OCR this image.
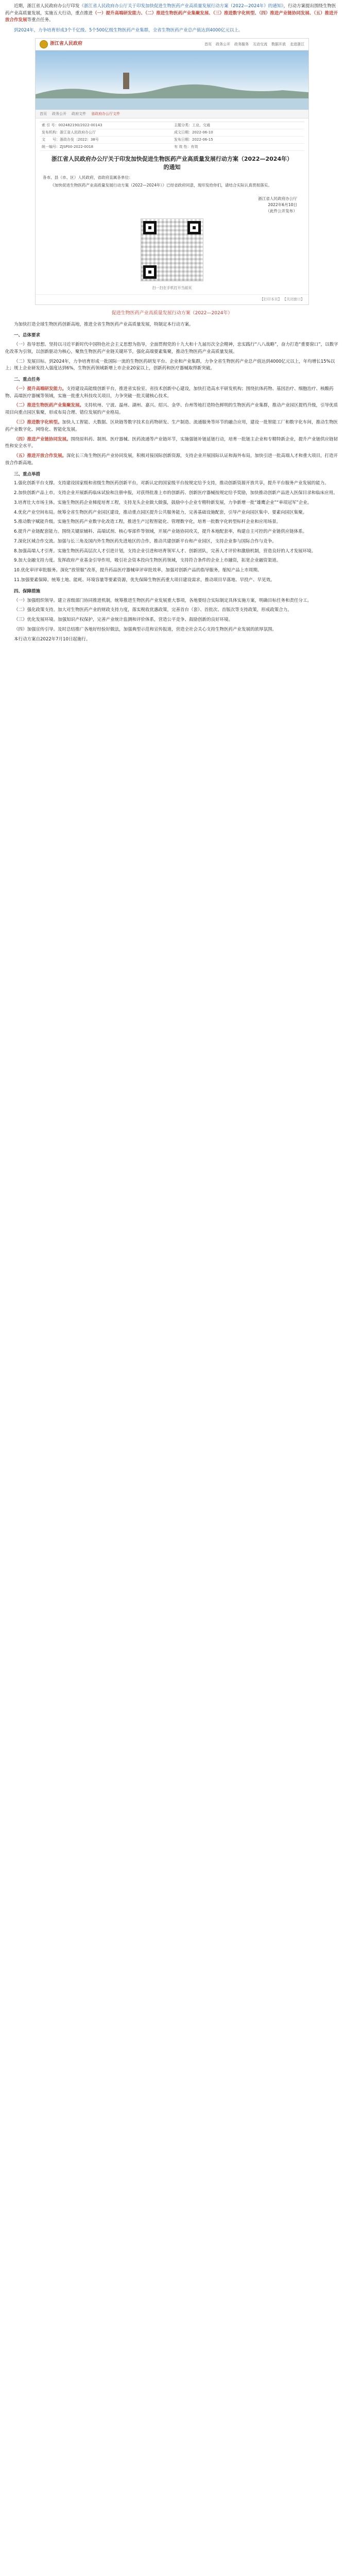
近期，浙江省人民政府办公厅印发《浙江省人民政府办公厅关于印发加快促进生物医药产业高质量发展行动方案（2022—2024年）的通知》，行动方案提出围绕生物医药产业高质量发展，实施五大行动，重点推进（一）提升高端研发能力、（二）推进生物医药产业集聚发展、（三）推进数字化转型、（四）推进产业链协同发展、（五）推进开放合作发展等重点任务。

到2024年，力争培育形成3个千亿级、5个500亿级生物医药产业集群，全省生物医药产业总产值达到4000亿元以上。

浙江省人民政府	首页 政务公开 政务服务 互动交流 数据开放 走进浙江
首页 政务公开 政府文件 省政府办公厅文件
索 引 号：002482190/2022-00143	主题分类：工业、交通
发布机构：浙江省人民政府办公厅	成文日期：2022-06-10
文　　号：浙政办发〔2022〕38号	发布日期：2022-06-15
统一编号：ZJSP00-2022-0018	有 效 性：有效
浙江省人民政府办公厅关于印发加快促进生物医药产业高质量发展行动方案（2022—2024年）的通知

各市、县（市、区）人民政府，省政府直属各单位：

《加快促进生物医药产业高质量发展行动方案（2022—2024年）》已经省政府同意，现印发给你们，请结合实际认真贯彻落实。

浙江省人民政府办公厅
2022年6月10日
（此件公开发布）
扫一扫在手机打开当前页
【打印本页】 【关闭窗口】
促进生物医药产业高质量发展行动方案（2022—2024年）

为加快打造全球生物医药创新高地，推进全省生物医药产业高质量发展，特制定本行动方案。

一、总体要求

（一）指导思想。坚持以习近平新时代中国特色社会主义思想为指导，全面贯彻党的十九大和十九届历次全会精神，忠实践行“八八战略”，奋力打造“重要窗口”，以数字化改革为引领，以创新驱动为核心，聚焦生物医药产业链关键环节，强化高端要素集聚，推动生物医药产业高质量发展。

（二）发展目标。到2024年，力争培育形成一批国际一流的生物医药研发平台、企业和产业集群，力争全省生物医药产业总产值达到4000亿元以上，年均增长15%以上；规上企业研发投入强度达到6%，生物医药领域新增上市企业20家以上，创新药和医疗器械取得新突破。

二、重点任务

（一）提升高端研发能力。支持建设高能级创新平台，推进省实验室、省技术创新中心建设，加快打造高水平研发机构；围绕抗体药物、基因治疗、细胞治疗、核酸药物、高端医疗器械等领域，实施一批重大科技攻关项目，力争突破一批关键核心技术。

（二）推进生物医药产业集聚发展。支持杭州、宁波、温州、湖州、嘉兴、绍兴、金华、台州等地打造特色鲜明的生物医药产业集群，推动产业园区提档升级，引导优质项目向重点园区集聚，形成布局合理、错位发展的产业格局。

（三）推进数字化转型。加快人工智能、大数据、区块链等数字技术在药物研发、生产制造、流通服务等环节的融合应用，建设一批智能工厂和数字化车间，推动生物医药产业数字化、网络化、智能化发展。

（四）推进产业链协同发展。围绕原料药、制剂、医疗器械、医药流通等产业链环节，实施强链补链延链行动，培育一批链主企业和专精特新企业，提升产业链供应链韧性和安全水平。

（五）推进开放合作发展。深化长三角生物医药产业协同发展，积极对接国际创新资源，支持企业开展国际认证和海外布局，加快引进一批高端人才和重大项目，打造开放合作新高地。

三、重点举措

1.强化创新平台支撑。支持建设国家级和省级生物医药创新平台，对新认定的国家级平台按规定给予支持，推动创新资源开放共享，提升平台服务产业发展的能力。

2.加快创新产品上市。支持企业开展新药临床试验和注册申报，对获得批准上市的创新药、创新医疗器械按规定给予奖励，加快推动创新产品进入医保目录和临床应用。

3.培育壮大市场主体。实施生物医药企业梯度培育工程，支持龙头企业做大做强，鼓励中小企业专精特新发展，力争新增一批“雄鹰企业”“单项冠军”企业。

4.优化产业空间布局。统筹全省生物医药产业园区建设，推动重点园区提升公共服务能力，完善基础设施配套，引导产业向园区集中、要素向园区集聚。

5.推动数字赋能升级。实施生物医药产业数字化改造工程，推进生产过程智能化、管理数字化，培育一批数字化转型标杆企业和应用场景。

6.提升产业链配套能力。围绕关键原辅料、高端试剂、核心零部件等领域，开展产业链协同攻关，提升本地配套率，构建自主可控的产业链供应链体系。

7.深化区域合作交流。加强与长三角及国内外生物医药先进地区的合作，推动共建创新平台和产业园区，支持企业参与国际合作与竞争。

8.加强高端人才引育。实施生物医药高层次人才引进计划，支持企业引进和培育领军人才、创新团队，完善人才评价和激励机制，营造良好的人才发展环境。

9.加大金融支持力度。发挥政府产业基金引导作用，吸引社会资本投向生物医药领域，支持符合条件的企业上市融资，拓宽企业融资渠道。

10.优化审评审批服务。深化“放管服”改革，提升药品医疗器械审评审批效率，加强对创新产品的指导服务，缩短产品上市周期。

11.加强要素保障。统筹土地、能耗、环境容量等要素资源，优先保障生物医药重大项目建设需求，推动项目早落地、早投产、早见效。

四、保障措施

（一）加强组织领导。建立省级部门协同推进机制，统筹推进生物医药产业发展重大事项，各地要结合实际制定具体实施方案，明确目标任务和责任分工。

（二）强化政策支持。加大对生物医药产业的财政支持力度，落实税收优惠政策，完善首台（套）、首批次、首版次等支持政策，形成政策合力。

（三）优化发展环境。加强知识产权保护，完善产业统计监测和评价体系，营造公平竞争、鼓励创新的良好环境。

（四）加强宣传引导。及时总结推广各地好经验好做法，加强典型示范和宣传报道，营造全社会关心支持生物医药产业发展的浓厚氛围。

本行动方案自2022年7月10日起施行。
